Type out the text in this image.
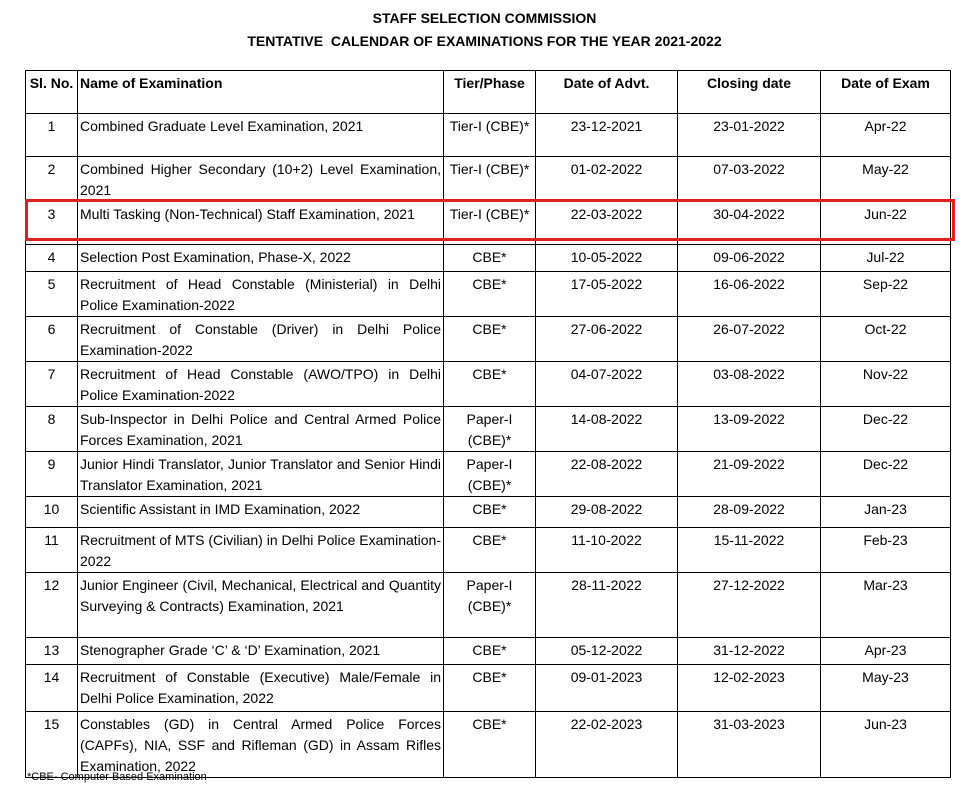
STAFF SELECTION COMMISSION
TENTATIVE  CALENDAR OF EXAMINATIONS FOR THE YEAR 2021-2022
Sl. No.	Name of Examination	Tier/Phase	Date of Advt.	Closing date	Date of Exam
1	Combined Graduate Level Examination, 2021	Tier-I (CBE)*	23-12-2021	23-01-2022	Apr-22
2	Combined Higher Secondary (10+2) Level Examination, 2021	Tier-I (CBE)*	01-02-2022	07-03-2022	May-22
3	Multi Tasking (Non-Technical) Staff Examination, 2021	Tier-I (CBE)*	22-03-2022	30-04-2022	Jun-22
4	Selection Post Examination, Phase-X, 2022	CBE*	10-05-2022	09-06-2022	Jul-22
5	Recruitment of Head Constable (Ministerial) in Delhi Police Examination-2022	CBE*	17-05-2022	16-06-2022	Sep-22
6	Recruitment of Constable (Driver) in Delhi Police Examination-2022	CBE*	27-06-2022	26-07-2022	Oct-22
7	Recruitment of Head Constable (AWO/TPO) in Delhi Police Examination-2022	CBE*	04-07-2022	03-08-2022	Nov-22
8	Sub-Inspector in Delhi Police and Central Armed Police Forces Examination, 2021	Paper-I (CBE)*	14-08-2022	13-09-2022	Dec-22
9	Junior Hindi Translator, Junior Translator and Senior Hindi Translator Examination, 2021	Paper-I (CBE)*	22-08-2022	21-09-2022	Dec-22
10	Scientific Assistant in IMD Examination, 2022	CBE*	29-08-2022	28-09-2022	Jan-23
11	Recruitment of MTS (Civilian) in Delhi Police Examination- 2022	CBE*	11-10-2022	15-11-2022	Feb-23
12	Junior Engineer (Civil, Mechanical, Electrical and Quantity Surveying & Contracts) Examination, 2021	Paper-I (CBE)*	28-11-2022	27-12-2022	Mar-23
13	Stenographer Grade ‘C’ & ‘D’ Examination, 2021	CBE*	05-12-2022	31-12-2022	Apr-23
14	Recruitment of Constable (Executive) Male/Female in Delhi Police Examination, 2022	CBE*	09-01-2023	12-02-2023	May-23
15	Constables (GD) in Central Armed Police Forces (CAPFs), NIA, SSF and Rifleman (GD) in Assam Rifles Examination, 2022	CBE*	22-02-2023	31-03-2023	Jun-23
*CBE- Computer Based Examination
